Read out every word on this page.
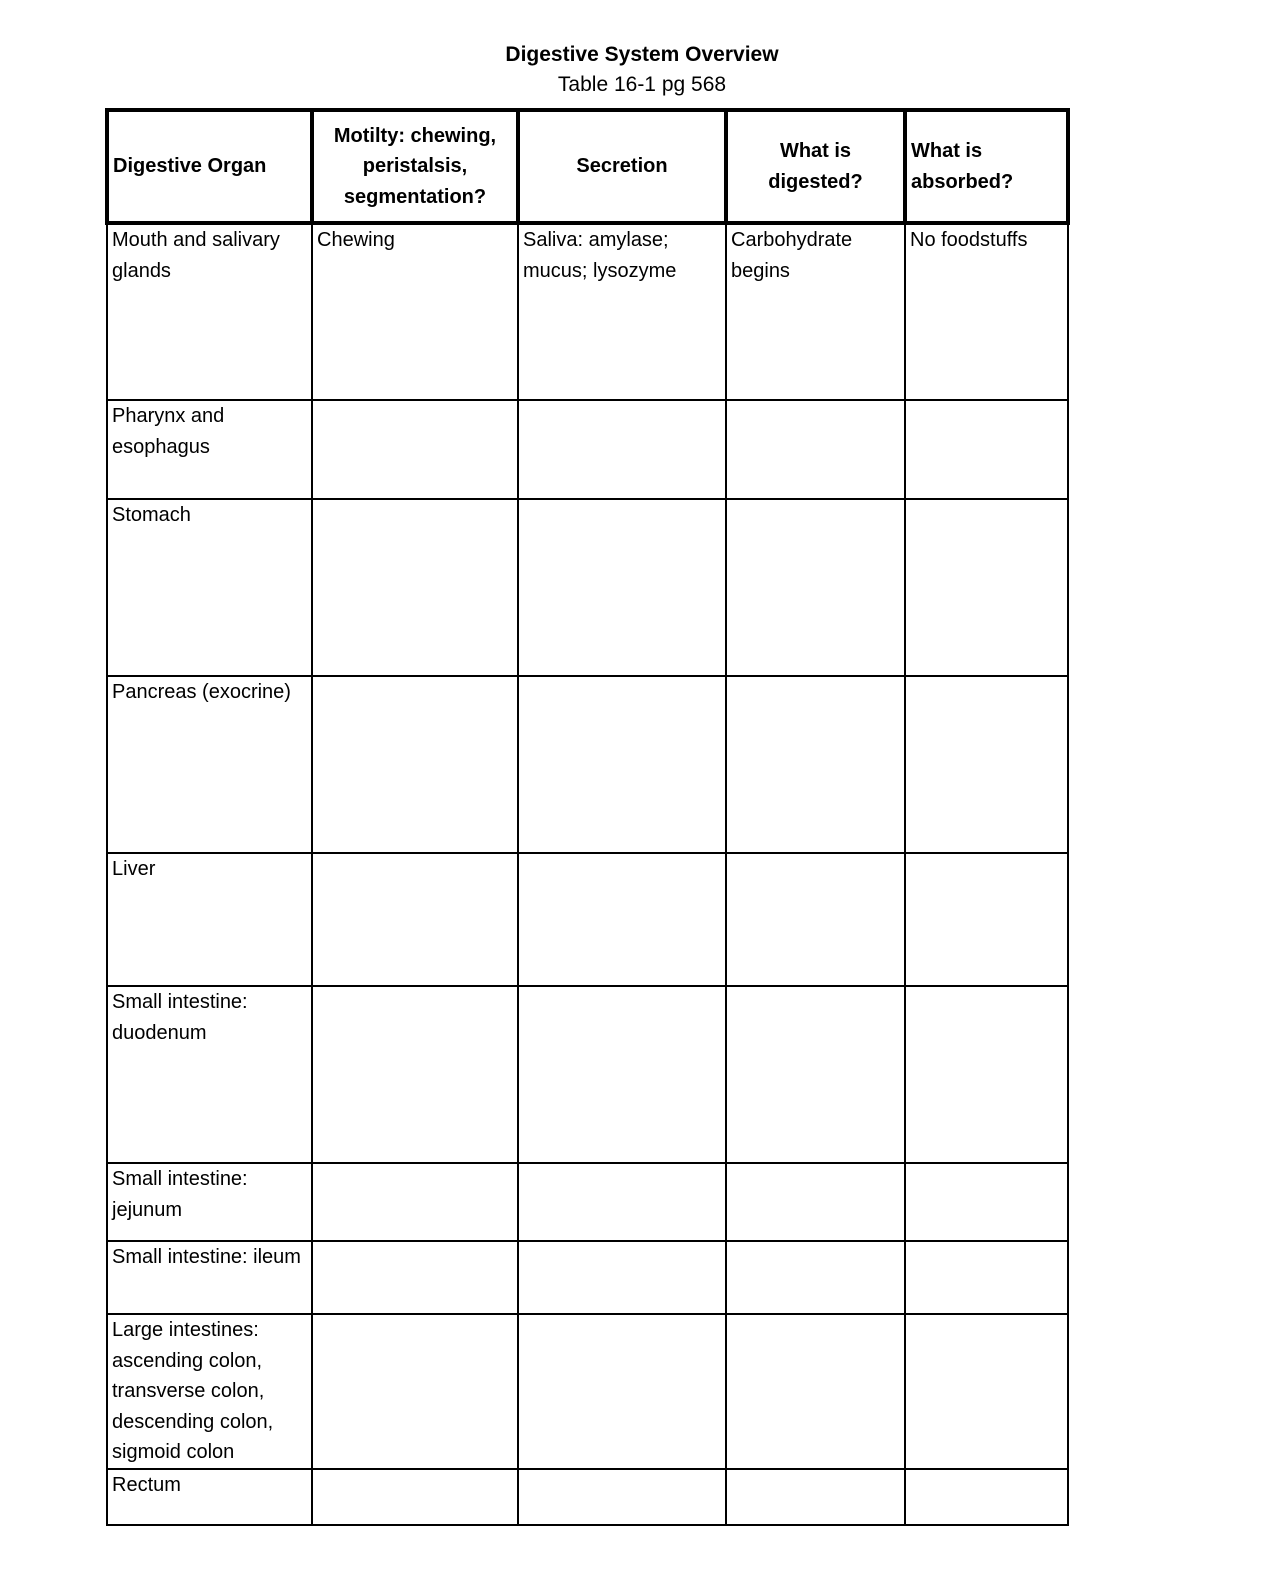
Digestive System Overview
Table 16-1 pg 568
Digestive Organ	Motilty: chewing, peristalsis, segmentation?	Secretion	What is digested?	What is absorbed?
Mouth and salivary glands	Chewing	Saliva: amylase; mucus; lysozyme	Carbohydrate begins	No foodstuffs
Pharynx and esophagus				
Stomach				
Pancreas (exocrine)				
Liver				
Small intestine: duodenum				
Small intestine: jejunum				
Small intestine: ileum				
Large intestines: ascending colon, transverse colon, descending colon, sigmoid colon				
Rectum				
